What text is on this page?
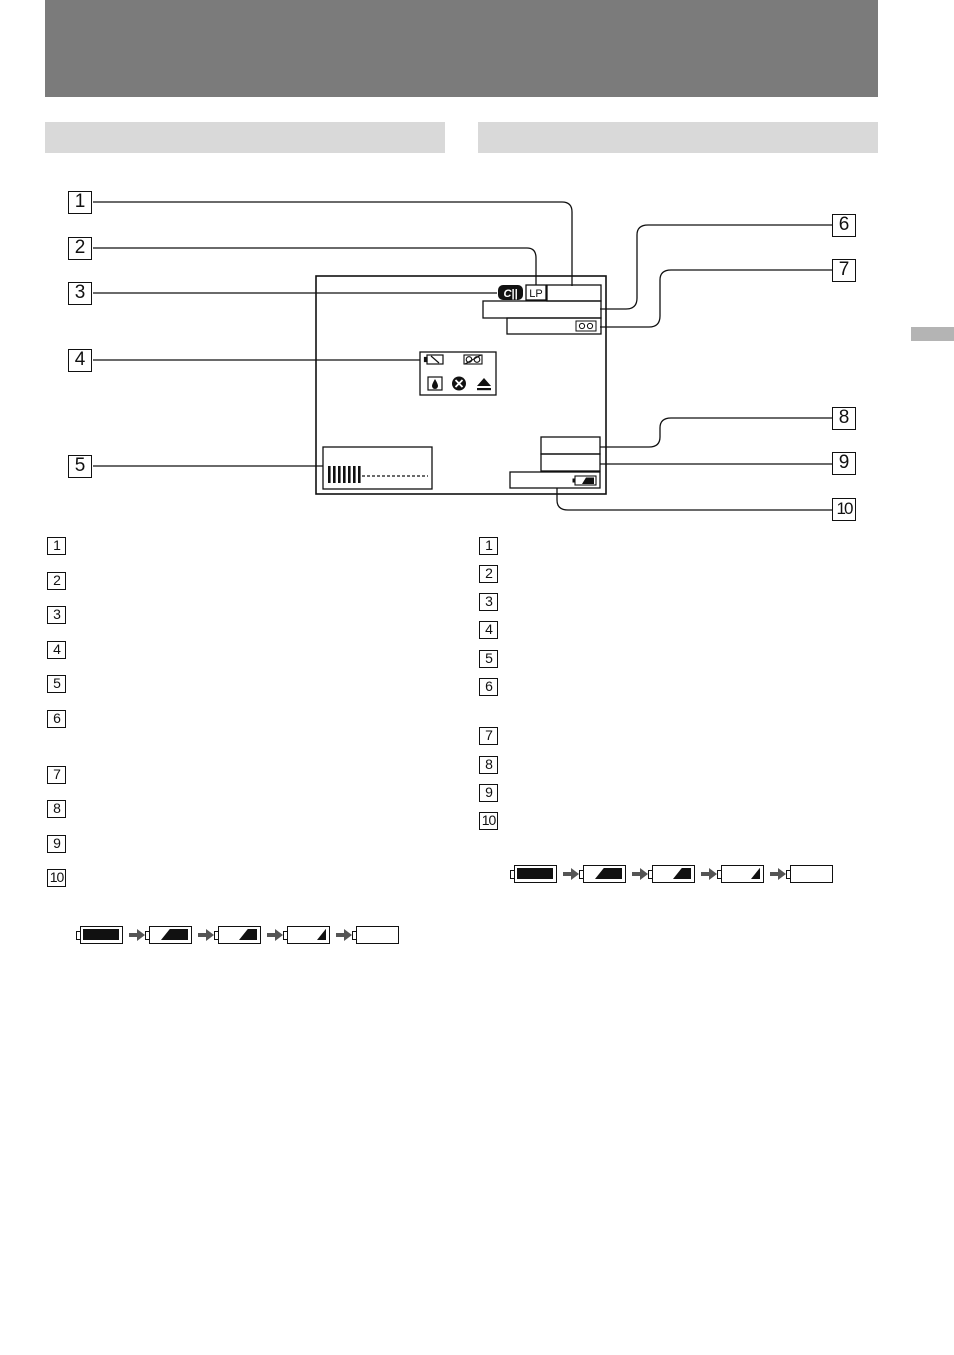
C|| LP
1
2
3
4
5
6
7
8
9
10
1
2
3
4
5
6
7
8
9
10
1
2
3
4
5
6
7
8
9
10
